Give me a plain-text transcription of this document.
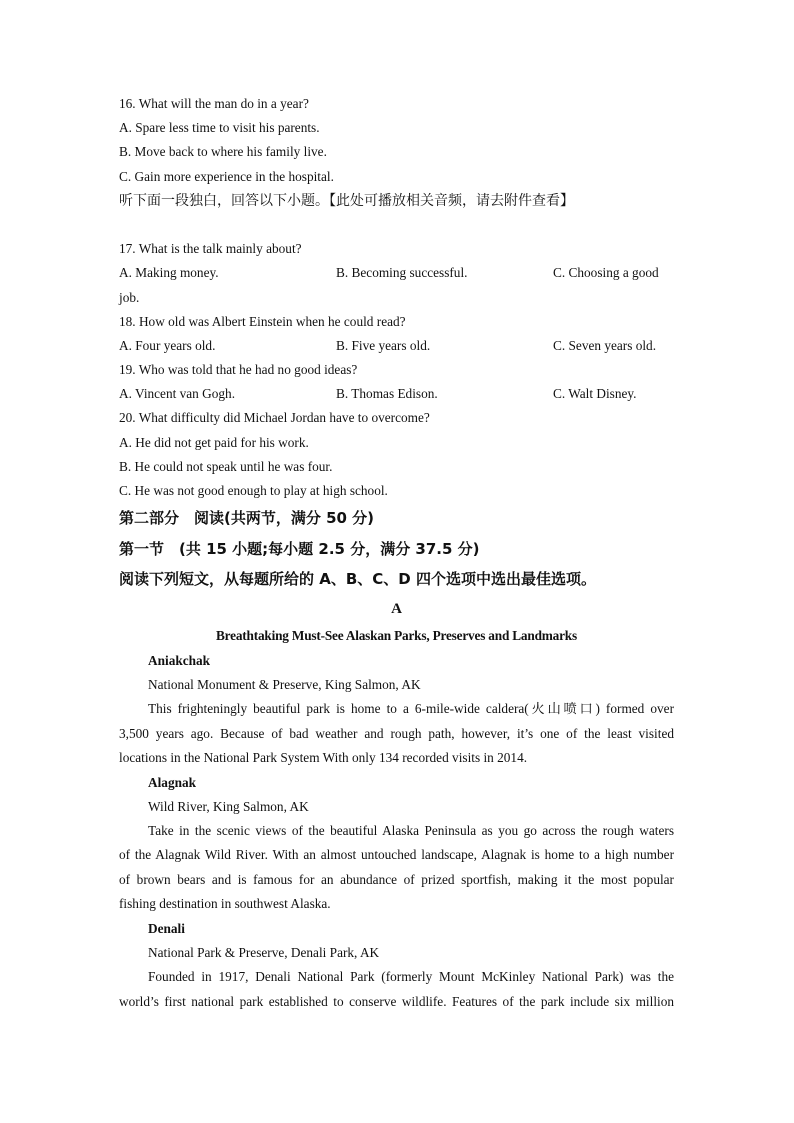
16. What will the man do in a year?
A. Spare less time to visit his parents.
B. Move back to where his family live.
C. Gain more experience in the hospital.
听下面一段独白，回答以下小题。【此处可播放相关音频，请去附件查看】
17. What is the talk mainly about?
A. Making money.	B. Becoming successful.	C. Choosing a good
job.
18. How old was Albert Einstein when he could read?
A. Four years old.	B. Five years old.	C. Seven years old.
19. Who was told that he had no good ideas?
A. Vincent van Gogh.	B. Thomas Edison.	C. Walt Disney.
20. What difficulty did Michael Jordan have to overcome?
A. He did not get paid for his work.
B. He could not speak until he was four.
C. He was not good enough to play at high school.
第二部分　阅读(共两节，满分 50 分)
第一节　(共 15 小题;每小题 2.5 分，满分 37.5 分)
阅读下列短文，从每题所给的 A、B、C、D 四个选项中选出最佳选项。
A
Breathtaking Must-See Alaskan Parks, Preserves and Landmarks
Aniakchak
National Monument & Preserve, King Salmon, AK
This frighteningly beautiful park is home to a 6-mile-wide caldera(火山喷口) formed over
3,500 years ago. Because of bad weather and rough path, however, it’s one of the least visited
locations in the National Park System With only 134 recorded visits in 2014.
Alagnak
Wild River, King Salmon, AK
Take in the scenic views of the beautiful Alaska Peninsula as you go across the rough waters
of the Alagnak Wild River. With an almost untouched landscape, Alagnak is home to a high number
of brown bears and is famous for an abundance of prized sportfish, making it the most popular
fishing destination in southwest Alaska.
Denali
National Park & Preserve, Denali Park, AK
Founded in 1917, Denali National Park (formerly Mount McKinley National Park) was the
world’s first national park established to conserve wildlife. Features of the park include six million
